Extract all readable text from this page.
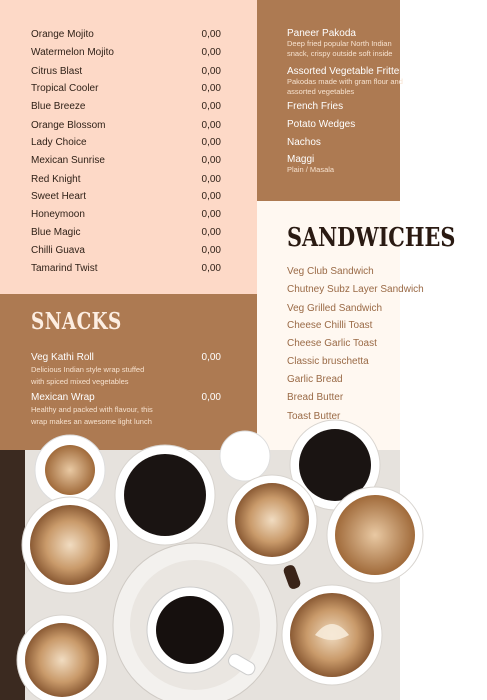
Orange Mojito	0,00
Watermelon Mojito	0,00
Citrus Blast	0,00
Tropical Cooler	0,00
Blue Breeze	0,00
Orange Blossom	0,00
Lady Choice	0,00
Mexican Sunrise	0,00
Red Knight	0,00
Sweet Heart	0,00
Honeymoon	0,00
Blue Magic	0,00
Chilli Guava	0,00
Tamarind Twist	0,00
SNACKS
Veg Kathi Roll	0,00
Delicious Indian style wrap stuffed
with spiced mixed vegetables
Mexican Wrap	0,00
Healthy and packed with flavour, this
wrap makes an awesome light lunch
Paneer Pakoda
Deep fried popular North Indian
snack, crispy outside soft inside
Assorted Vegetable Fritters
Pakodas made with gram flour and
assorted vegetables
French Fries
Potato Wedges
Nachos
Maggi
Plain / Masala
SANDWICHES
Veg Club Sandwich
Chutney Subz Layer Sandwich
Veg Grilled Sandwich
Cheese Chilli Toast
Cheese Garlic Toast
Classic bruschetta
Garlic Bread
Bread Butter
Toast Butter
